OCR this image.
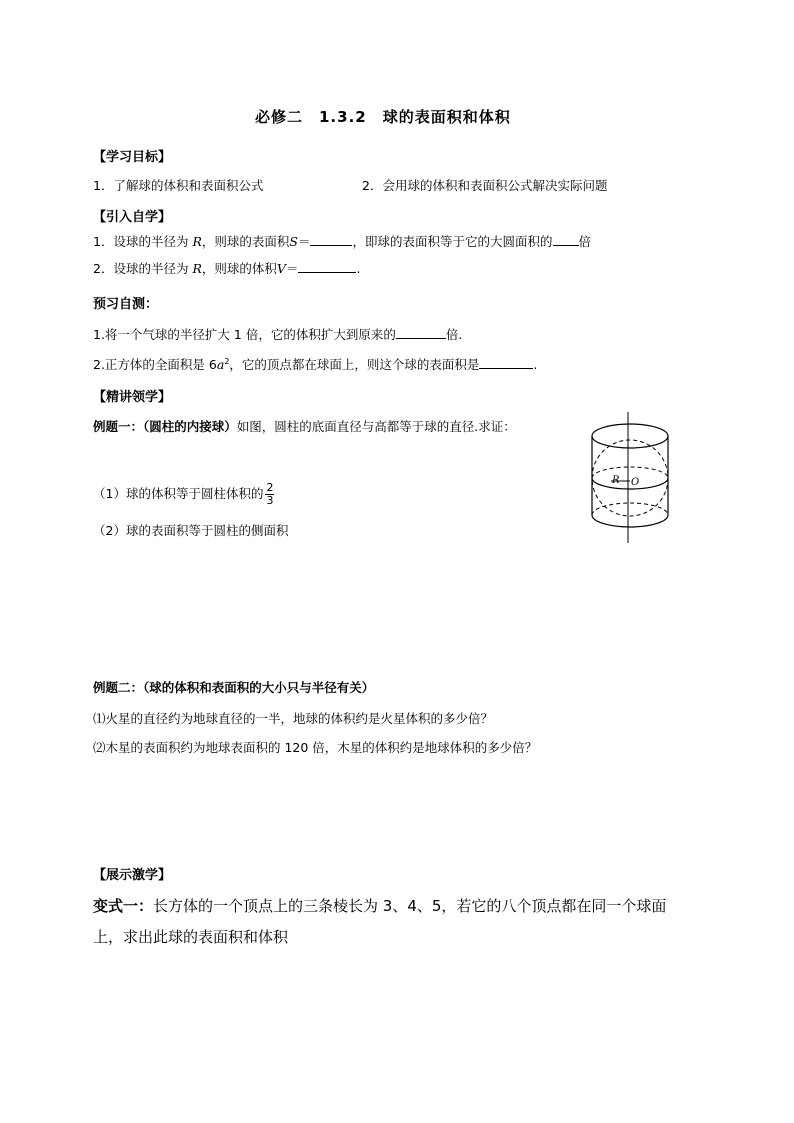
必修二　1.3.2　球的表面积和体积
【学习目标】
1．了解球的体积和表面积公式	2．会用球的体积和表面积公式解决实际问题
【引入自学】
1．设球的半径为 R，则球的表面积S＝	，即球的表面积等于它的大圆面积的 倍
2．设球的半径为 R，则球的体积V＝	.
预习自测：
1.将一个气球的半径扩大 1 倍，它的体积扩大到原来的	倍.
2.正方体的全面积是 $6a^2$，它的顶点都在球面上，则这个球的表面积是	.
【精讲领学】
例题一：（圆柱的内接球）如图，圆柱的底面直径与高都等于球的直径.求证：
（1）球的体积等于圆柱体积的 $\frac{2}{3}$
（2）球的表面积等于圆柱的侧面积
R O
例题二：（球的体积和表面积的大小只与半径有关）
⑴火星的直径约为地球直径的一半，地球的体积约是火星体积的多少倍？
⑵木星的表面积约为地球表面积的 120 倍，木星的体积约是地球体积的多少倍？
【展示激学】
变式一：长方体的一个顶点上的三条棱长为 3、4、5，若它的八个顶点都在同一个球面
上，求出此球的表面积和体积
